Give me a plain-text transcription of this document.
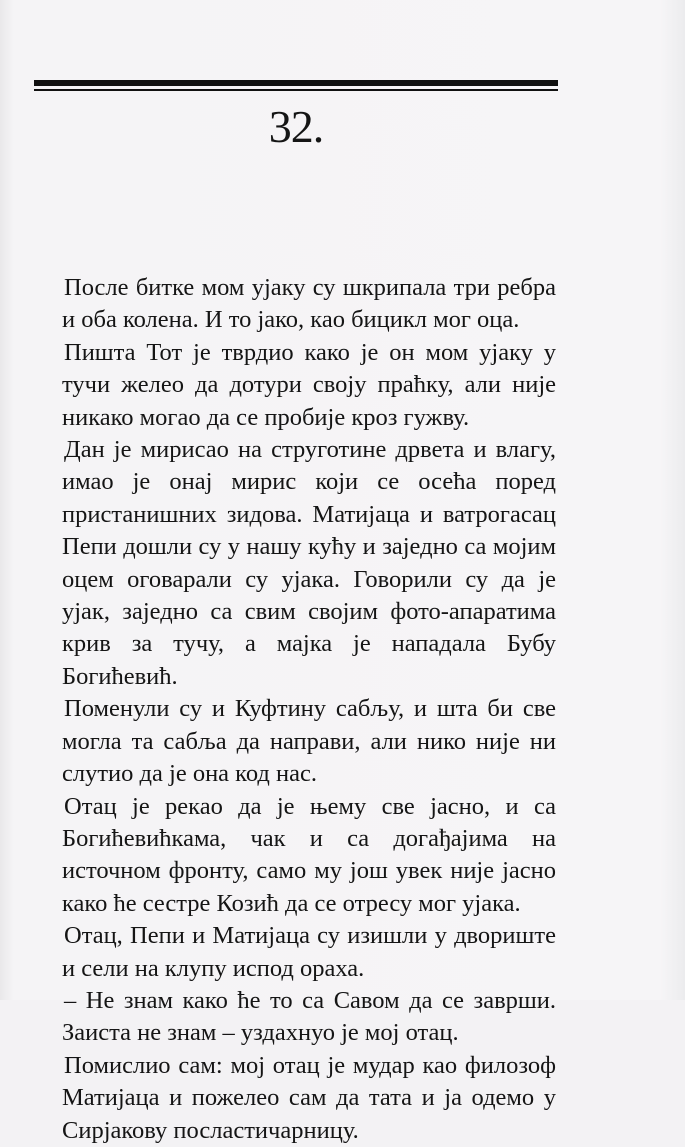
32.

После битке мом ујаку су шкрипала три ребра и оба колена. И то јако, као бицикл мог оца.

Пишта Тот је тврдио како је он мом ујаку у тучи желео да дотури своју праћку, али није никако могао да се пробије кроз гужву.

Дан је мирисао на струготине дрвета и влагу, имао је онај мирис који се осећа поред пристанишних зидова. Матијаца и ватрогасац Пепи дошли су у нашу кућу и заједно са мојим оцем оговарали су ујака. Говорили су да је ујак, заједно са свим својим фото-апаратима крив за тучу, а мајка је нападала Бубу Богићевић.

Поменули су и Куфтину сабљу, и шта би све могла та сабља да направи, али нико није ни слутио да је она код нас.

Отац је рекао да је њему све јасно, и са Богићевићкама, чак и са догађајима на источном фронту, само му још увек није јасно како ће сестре Козић да се отресу мог ујака.

Отац, Пепи и Матијаца су изишли у двориште и сели на клупу испод ораха.

– Не знам како ће то са Савом да се заврши. Заиста не знам – уздахнуо је мој отац.

Помислио сам: мој отац је мудар као филозоф Матијаца и пожелео сам да тата и ја одемо у Сирјакову посластичарницу.
